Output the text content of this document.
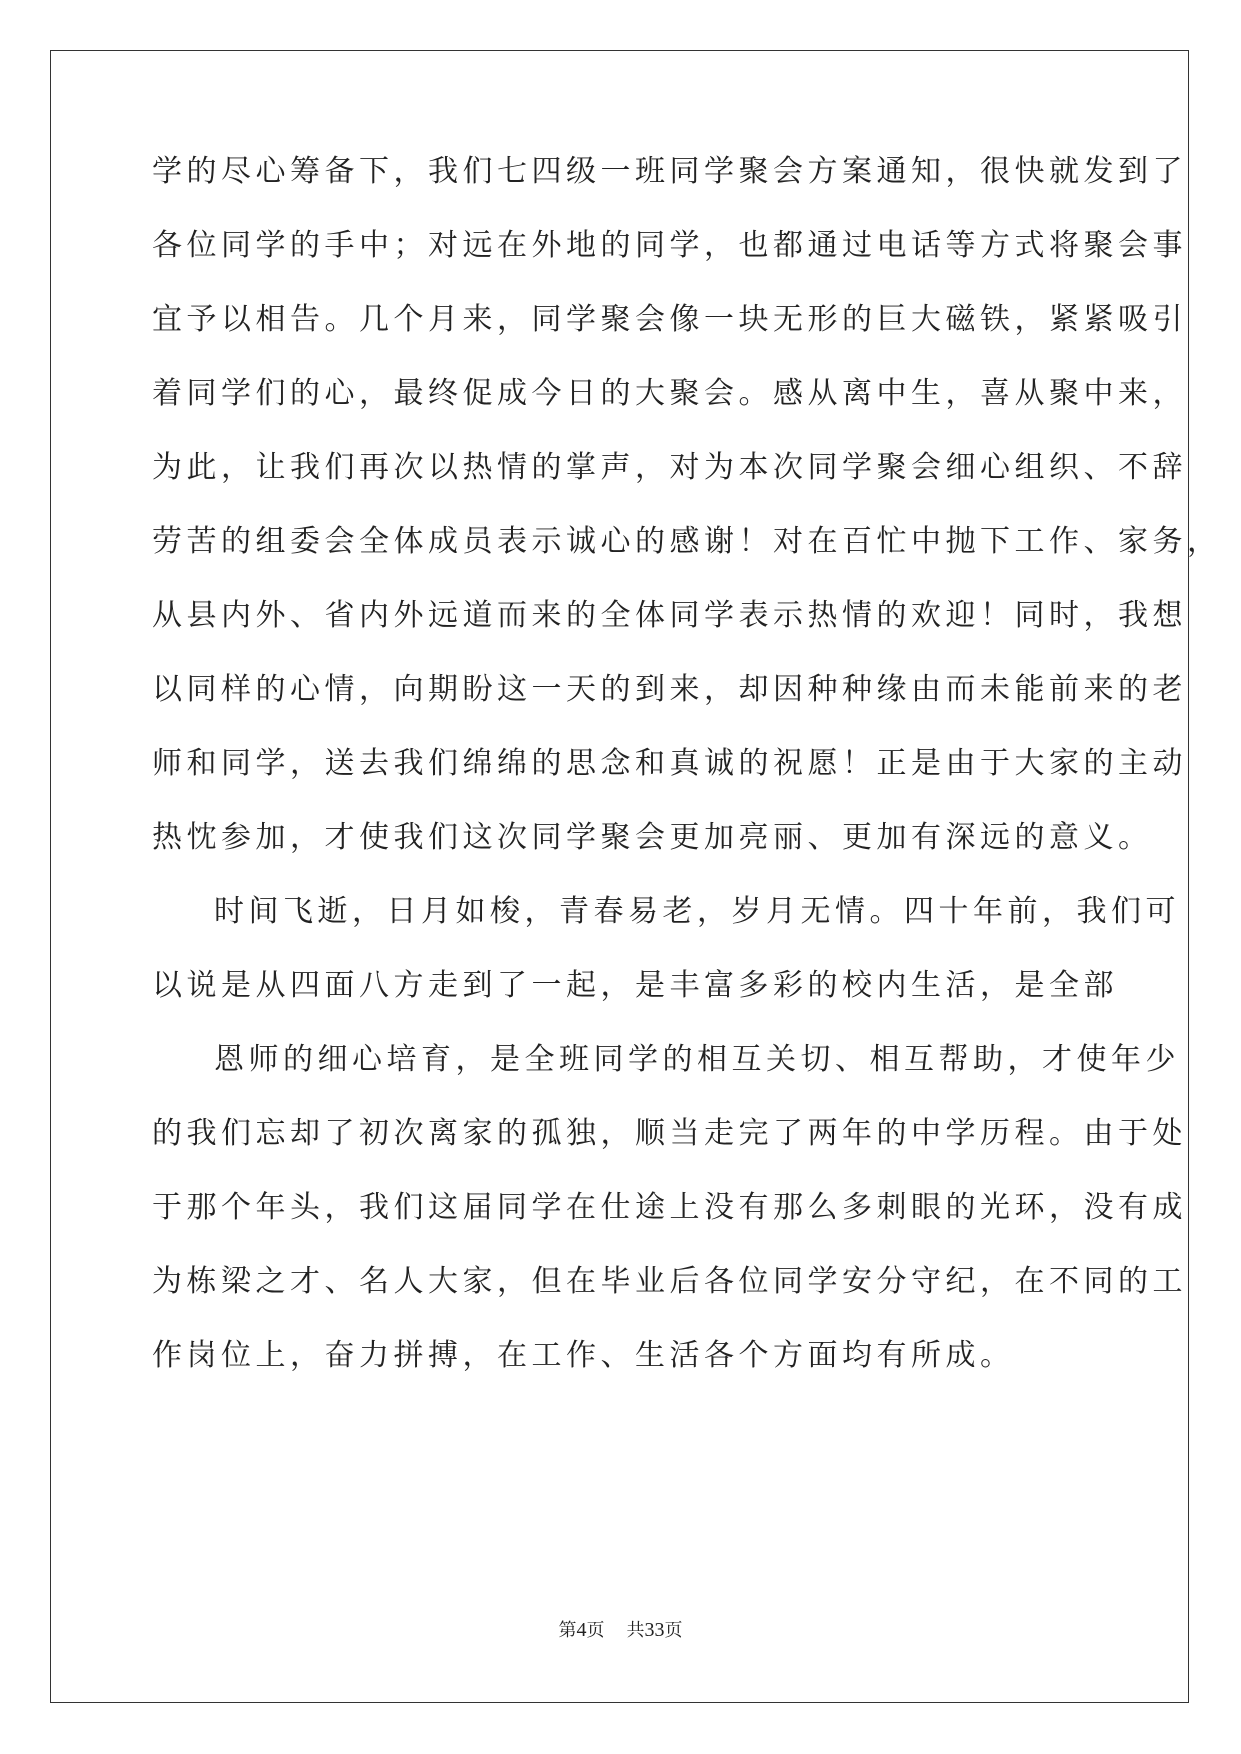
学的尽心筹备下，我们七四级一班同学聚会方案通知，很快就发到了
各位同学的手中；对远在外地的同学，也都通过电话等方式将聚会事
宜予以相告。几个月来，同学聚会像一块无形的巨大磁铁，紧紧吸引
着同学们的心，最终促成今日的大聚会。感从离中生，喜从聚中来，
为此，让我们再次以热情的掌声，对为本次同学聚会细心组织、不辞
劳苦的组委会全体成员表示诚心的感谢！对在百忙中抛下工作、家务，
从县内外、省内外远道而来的全体同学表示热情的欢迎！同时，我想
以同样的心情，向期盼这一天的到来，却因种种缘由而未能前来的老
师和同学，送去我们绵绵的思念和真诚的祝愿！正是由于大家的主动
热忱参加，才使我们这次同学聚会更加亮丽、更加有深远的意义。
时间飞逝，日月如梭，青春易老，岁月无情。四十年前，我们可
以说是从四面八方走到了一起，是丰富多彩的校内生活，是全部
恩师的细心培育，是全班同学的相互关切、相互帮助，才使年少
的我们忘却了初次离家的孤独，顺当走完了两年的中学历程。由于处
于那个年头，我们这届同学在仕途上没有那么多刺眼的光环，没有成
为栋梁之才、名人大家，但在毕业后各位同学安分守纪，在不同的工
作岗位上，奋力拼搏，在工作、生活各个方面均有所成。
第4页 共33页
